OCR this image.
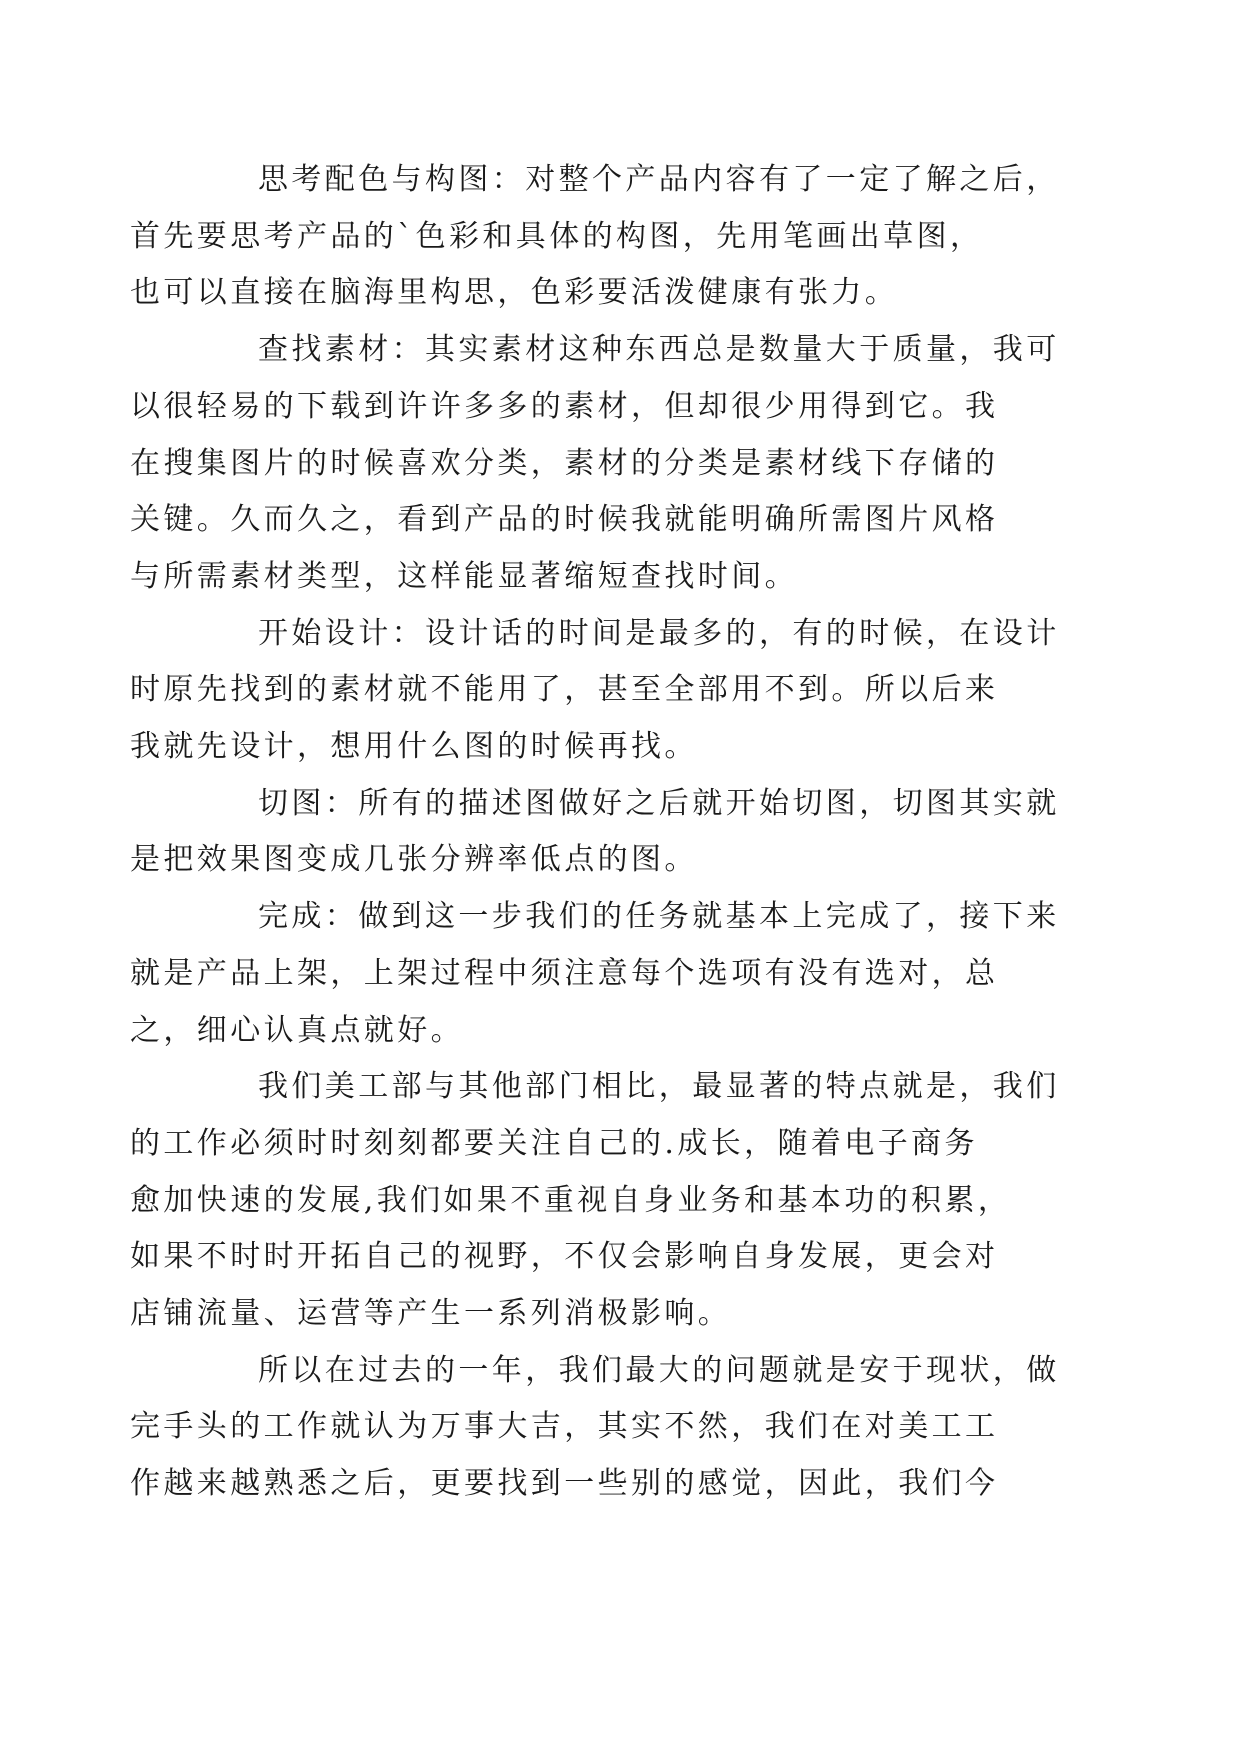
思考配色与构图：对整个产品内容有了一定了解之后，
首先要思考产品的`色彩和具体的构图，先用笔画出草图，
也可以直接在脑海里构思，色彩要活泼健康有张力。

查找素材：其实素材这种东西总是数量大于质量，我可
以很轻易的下载到许许多多的素材，但却很少用得到它。我
在搜集图片的时候喜欢分类，素材的分类是素材线下存储的
关键。久而久之，看到产品的时候我就能明确所需图片风格
与所需素材类型，这样能显著缩短查找时间。

开始设计：设计话的时间是最多的，有的时候，在设计
时原先找到的素材就不能用了，甚至全部用不到。所以后来
我就先设计，想用什么图的时候再找。

切图：所有的描述图做好之后就开始切图，切图其实就
是把效果图变成几张分辨率低点的图。

完成：做到这一步我们的任务就基本上完成了，接下来
就是产品上架，上架过程中须注意每个选项有没有选对，总
之，细心认真点就好。

我们美工部与其他部门相比，最显著的特点就是，我们
的工作必须时时刻刻都要关注自己的.成长，随着电子商务
愈加快速的发展,我们如果不重视自身业务和基本功的积累，
如果不时时开拓自己的视野，不仅会影响自身发展，更会对
店铺流量、运营等产生一系列消极影响。

所以在过去的一年，我们最大的问题就是安于现状，做
完手头的工作就认为万事大吉，其实不然，我们在对美工工
作越来越熟悉之后，更要找到一些别的感觉，因此，我们今
